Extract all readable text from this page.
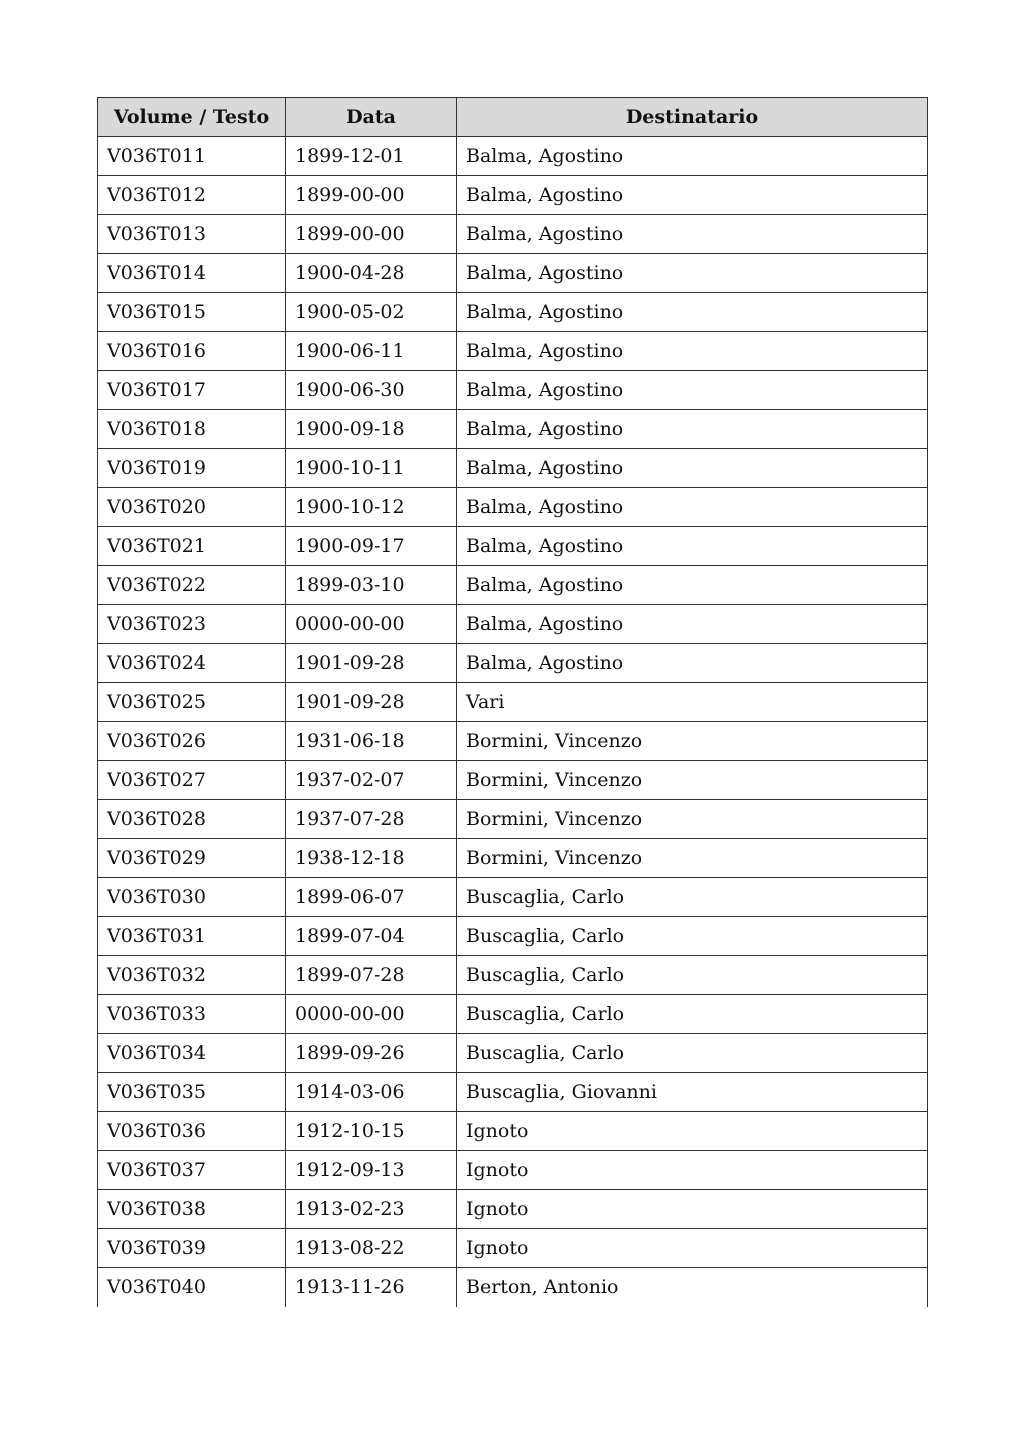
Volume / Testo	Data	Destinatario
V036T011	1899-12-01	Balma, Agostino
V036T012	1899-00-00	Balma, Agostino
V036T013	1899-00-00	Balma, Agostino
V036T014	1900-04-28	Balma, Agostino
V036T015	1900-05-02	Balma, Agostino
V036T016	1900-06-11	Balma, Agostino
V036T017	1900-06-30	Balma, Agostino
V036T018	1900-09-18	Balma, Agostino
V036T019	1900-10-11	Balma, Agostino
V036T020	1900-10-12	Balma, Agostino
V036T021	1900-09-17	Balma, Agostino
V036T022	1899-03-10	Balma, Agostino
V036T023	0000-00-00	Balma, Agostino
V036T024	1901-09-28	Balma, Agostino
V036T025	1901-09-28	Vari
V036T026	1931-06-18	Bormini, Vincenzo
V036T027	1937-02-07	Bormini, Vincenzo
V036T028	1937-07-28	Bormini, Vincenzo
V036T029	1938-12-18	Bormini, Vincenzo
V036T030	1899-06-07	Buscaglia, Carlo
V036T031	1899-07-04	Buscaglia, Carlo
V036T032	1899-07-28	Buscaglia, Carlo
V036T033	0000-00-00	Buscaglia, Carlo
V036T034	1899-09-26	Buscaglia, Carlo
V036T035	1914-03-06	Buscaglia, Giovanni
V036T036	1912-10-15	Ignoto
V036T037	1912-09-13	Ignoto
V036T038	1913-02-23	Ignoto
V036T039	1913-08-22	Ignoto
V036T040	1913-11-26	Berton, Antonio
